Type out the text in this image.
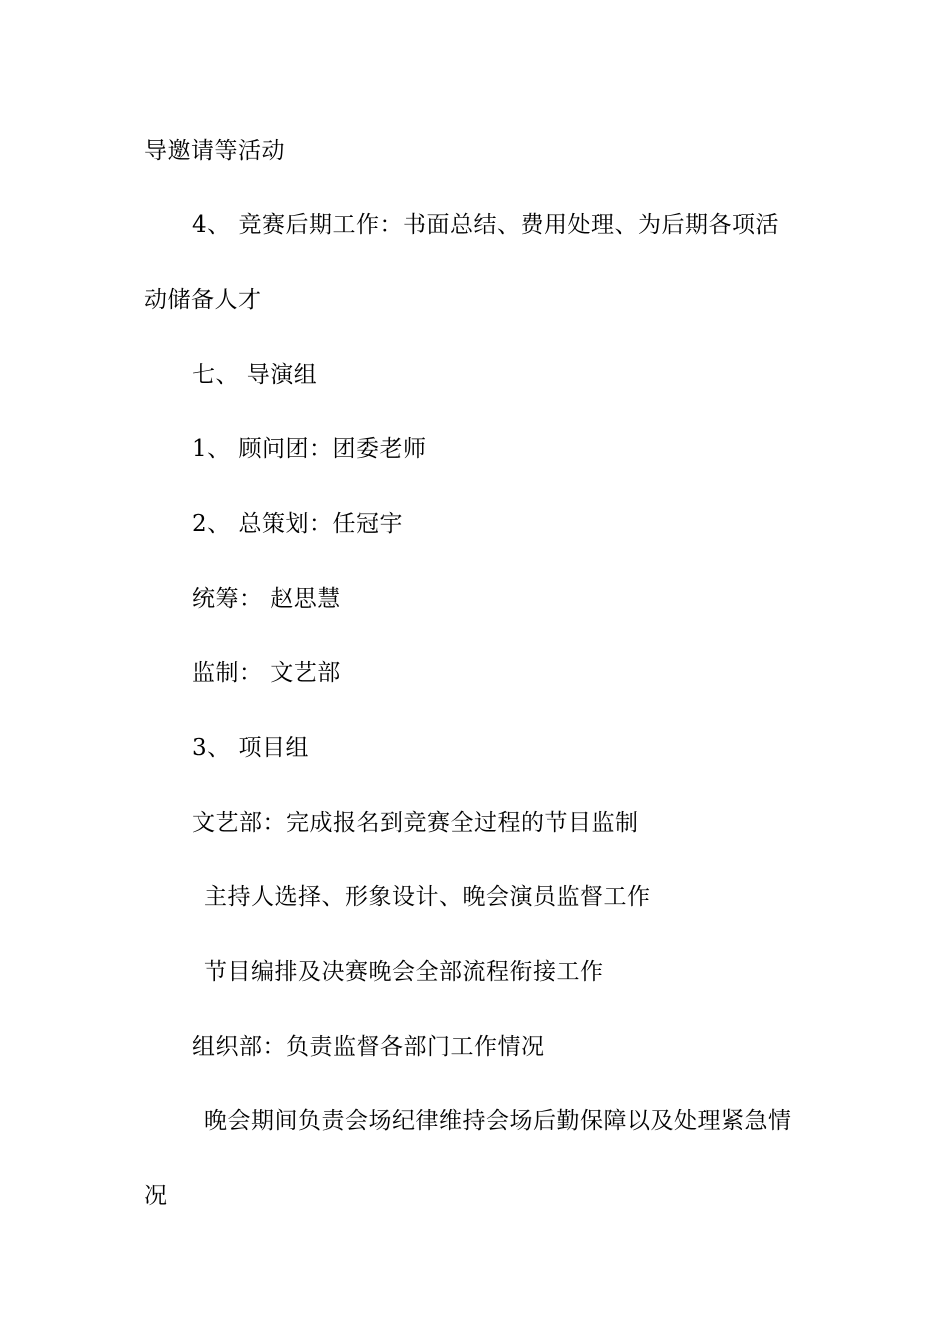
导邀请等活动
4、 竞赛后期工作：书面总结、费用处理、为后期各项活
动储备人才
七、 导演组
1、 顾问团：团委老师
2、 总策划：任冠宇
统筹： 赵思慧
监制： 文艺部
3、 项目组
文艺部：完成报名到竞赛全过程的节目监制
主持人选择、形象设计、晚会演员监督工作
节目编排及决赛晚会全部流程衔接工作
组织部：负责监督各部门工作情况
晚会期间负责会场纪律维持会场后勤保障以及处理紧急情
况
